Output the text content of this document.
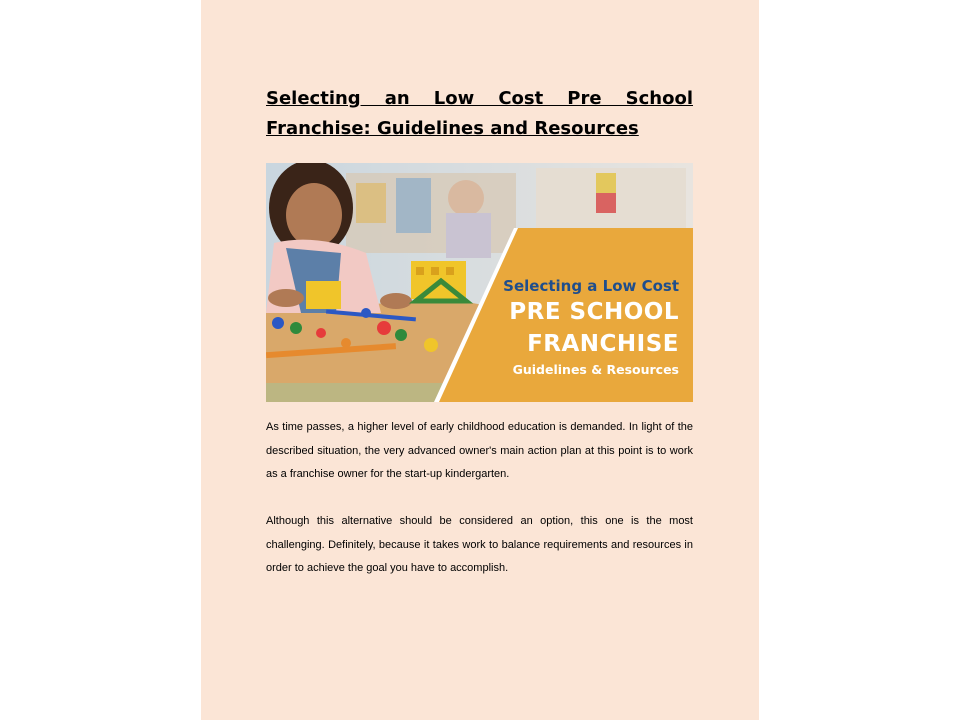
Selecting an Low Cost Pre School Franchise: Guidelines and Resources
Selecting a Low Cost
PRE SCHOOL
FRANCHISE
Guidelines & Resources

As time passes, a higher level of early childhood education is demanded. In light of the described situation, the very advanced owner's main action plan at this point is to work as a franchise owner for the start-up kindergarten.

Although this alternative should be considered an option, this one is the most challenging. Definitely, because it takes work to balance requirements and resources in order to achieve the goal you have to accomplish.
